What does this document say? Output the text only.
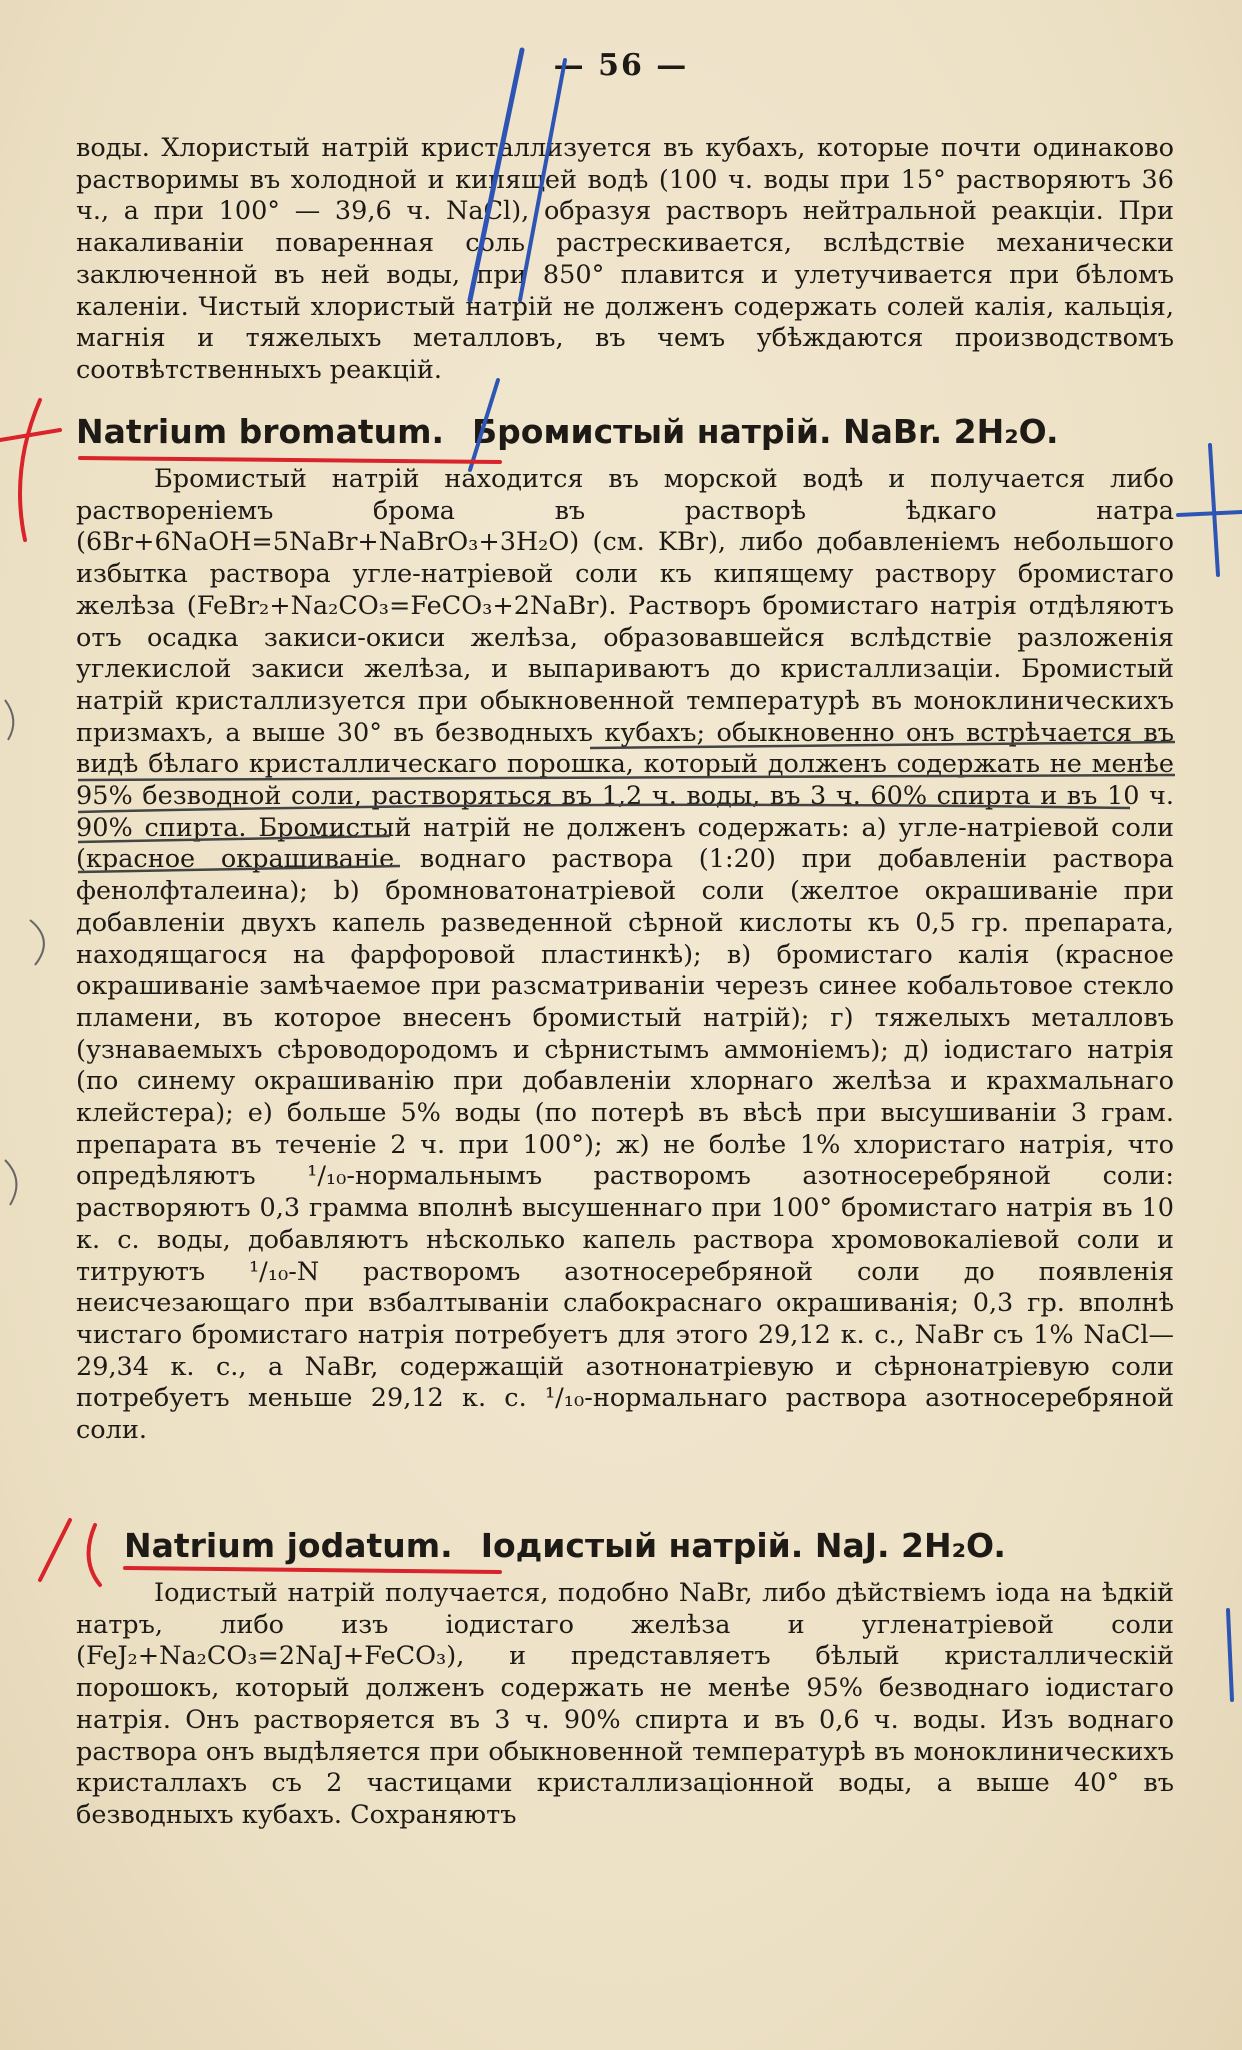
— 56 —

воды. Хлористый натрій кристаллизуется въ кубахъ, которые почти одинаково растворимы въ холодной и кипящей водѣ (100 ч. воды при 15° растворяютъ 36 ч., а при 100° — 39,6 ч. NaCl), образуя растворъ нейтральной реакціи. При накаливаніи поваренная соль растрескивается, вслѣдствіе механически заключенной въ ней воды, при 850° плавится и улетучивается при бѣломъ каленіи. Чистый хлористый натрій не долженъ содержать солей калія, кальція, магнія и тяжелыхъ металловъ, въ чемъ убѣждаются производствомъ соотвѣтственныхъ реакцій.

Natrium bromatum. Бромистый натрій. NaBr. 2H₂O.

Бромистый натрій находится въ морской водѣ и получается либо растворенiемъ брома въ растворѣ ѣдкаго натра (6Br+6NaOH=5NaBr+NaBrO₃+3H₂O) (см. KBr), либо добавленiемъ небольшого избытка раствора углe-натріевой соли къ кипящему раствору бромистаго желѣза (FeBr₂+Na₂CO₃=FeCO₃+2NaBr). Растворъ бромистаго натрія отдѣляютъ отъ осадка закиси-окиси желѣза, образовавшейся вслѣдствіе разложенія углекислой закиси желѣза, и выпариваютъ до кристаллизаціи. Бромистый натрій кристаллизуется при обыкновенной температурѣ въ моноклиническихъ призмахъ, а выше 30° въ безводныхъ кубахъ; обыкновенно онъ встрѣчается въ видѣ бѣлаго кристаллическаго порошка, который долженъ содержать не менѣе 95% безводной соли, растворяться въ 1,2 ч. воды, въ 3 ч. 60% спирта и въ 10 ч. 90% спирта. Бромистый натрій не долженъ содержать: а) углe-натріевой соли (красное окрашиваніе воднаго раствора (1:20) при добавленіи раствора фенолфталеина); b) бромноватонатріевой соли (желтое окрашиваніе при добавленіи двухъ капель разведенной сѣрной кислоты къ 0,5 гр. препарата, находящагося на фарфоровой пластинкѣ); в) бромистаго калія (красное окрашиваніе замѣчаемое при разсматриваніи черезъ синее кобальтовое стекло пламени, въ которое внесенъ бромистый натрій); г) тяжелыхъ металловъ (узнаваемыхъ сѣроводородомъ и сѣрнистымъ аммоніемъ); д) іодистаго натрія (по синему окрашиванію при добавленіи хлорнаго желѣза и крахмальнаго клейстера); е) больше 5% воды (по потерѣ въ вѣсѣ при высушиваніи 3 грам. препарата въ теченіе 2 ч. при 100°); ж) не болѣе 1% хлористаго натрія, что опредѣляютъ ¹/₁₀-нормальнымъ растворомъ азотносеребряной соли: растворяютъ 0,3 грамма вполнѣ высушеннаго при 100° бромистаго натрія въ 10 к. с. воды, добавляютъ нѣсколько капель раствора хромовокаліевой соли и титруютъ ¹/₁₀-N растворомъ азотносеребряной соли до появленія неисчезающаго при взбалтываніи слабокраснаго окрашиванія; 0,3 гр. вполнѣ чистаго бромистаго натрія потребуетъ для этого 29,12 к. с., NaBr съ 1% NaCl—29,34 к. с., а NaBr, содержащій азотнонатріевую и сѣрнонатріевую соли потребуетъ меньше 29,12 к. с. ¹/₁₀-нормальнаго раствора азотносеребряной соли.

Natrium jodatum. Іодистый натрій. NaJ. 2H₂O.

Іодистый натрій получается, подобно NaBr, либо дѣйствіемъ іода на ѣдкій натръ, либо изъ іодистаго желѣза и углeнатріевой соли (FeJ₂+Na₂CO₃=2NaJ+FeCO₃), и представляетъ бѣлый кристаллическій порошокъ, который долженъ содержать не менѣе 95% безводнаго іодистаго натрія. Онъ растворяется въ 3 ч. 90% спирта и въ 0,6 ч. воды. Изъ воднаго раствора онъ выдѣляется при обыкновенной температурѣ въ моноклиническихъ кристаллахъ съ 2 частицами кристаллизаціонной воды, а выше 40° въ безводныхъ кубахъ. Сохраняютъ
